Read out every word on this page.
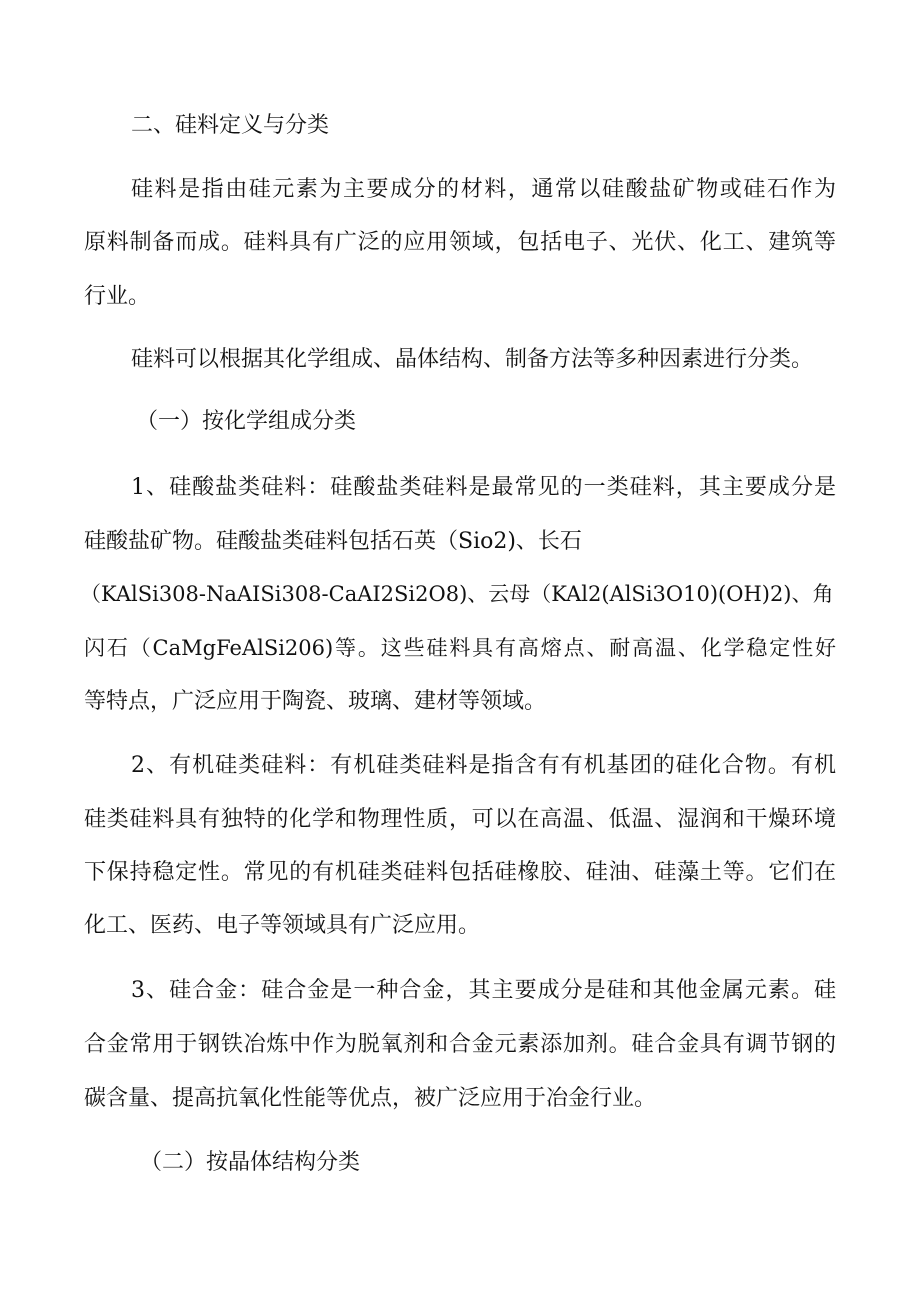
二、硅料定义与分类

硅料是指由硅元素为主要成分的材料，通常以硅酸盐矿物或硅石作为

原料制备而成。硅料具有广泛的应用领域，包括电子、光伏、化工、建筑等

行业。

硅料可以根据其化学组成、晶体结构、制备方法等多种因素进行分类。

（一）按化学组成分类

1、硅酸盐类硅料：硅酸盐类硅料是最常见的一类硅料，其主要成分是

硅酸盐矿物。硅酸盐类硅料包括石英（Sio2)、长石

（KAlSi308-NaAISi308-CaAI2Si2O8)、云母（KAl2(AlSi3O10)(OH)2)、角

闪石（CaMgFeAlSi206)等。这些硅料具有高熔点、耐高温、化学稳定性好

等特点，广泛应用于陶瓷、玻璃、建材等领域。

2、有机硅类硅料：有机硅类硅料是指含有有机基团的硅化合物。有机

硅类硅料具有独特的化学和物理性质，可以在高温、低温、湿润和干燥环境

下保持稳定性。常见的有机硅类硅料包括硅橡胶、硅油、硅藻土等。它们在

化工、医药、电子等领域具有广泛应用。

3、硅合金：硅合金是一种合金，其主要成分是硅和其他金属元素。硅

合金常用于钢铁冶炼中作为脱氧剂和合金元素添加剂。硅合金具有调节钢的

碳含量、提高抗氧化性能等优点，被广泛应用于冶金行业。

（二）按晶体结构分类
